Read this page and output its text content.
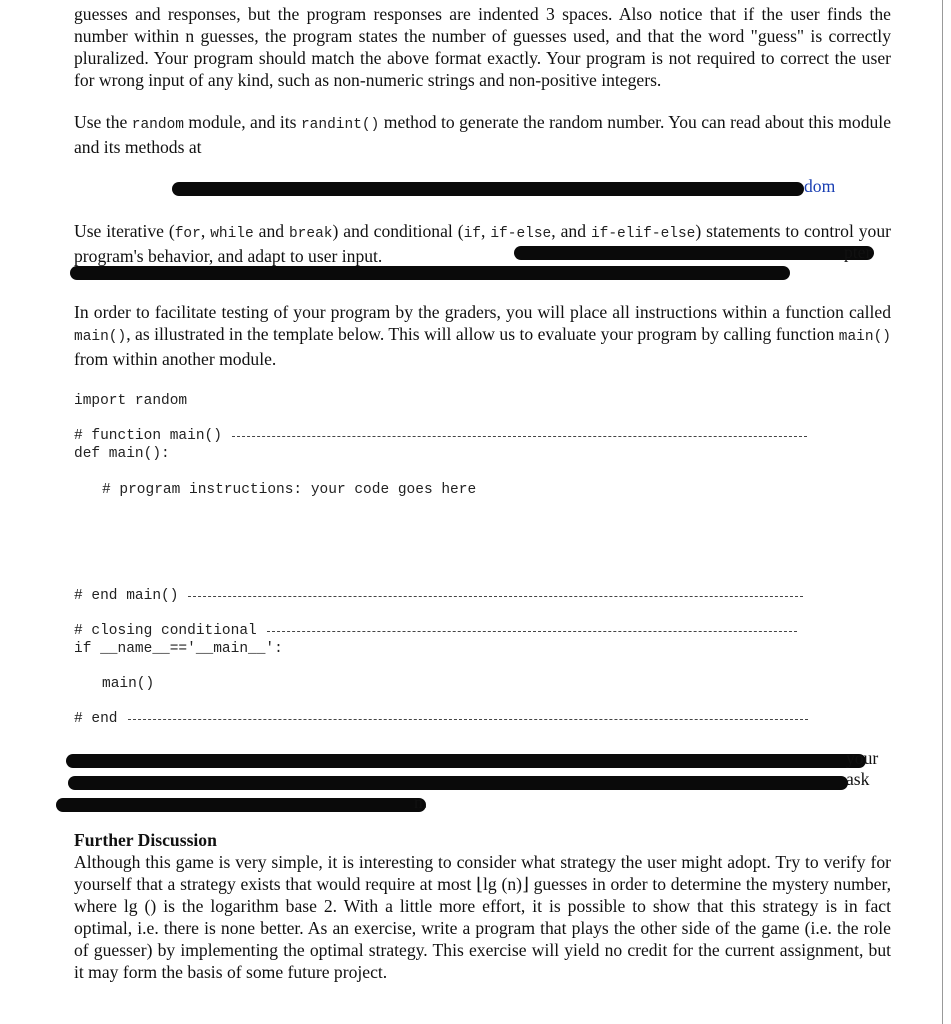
guesses and responses, but the program responses are indented 3 spaces. Also notice that if the user finds the number within n guesses, the program states the number of guesses used, and that the word "guess" is correctly pluralized. Your program should match the above format exactly. Your program is not required to correct the user for wrong input of any kind, such as non-numeric strings and non-positive integers.

Use the random module, and its randint() method to generate the random number. You can read about this module and its methods at

dom

Use iterative (for, while and break) and conditional (if, if-else, and if-elif-else) statements to control your program's behavior, and adapt to user input.	pter

In order to facilitate testing of your program by the graders, you will place all instructions within a function called main(), as illustrated in the template below. This will allow us to evaluate your program by calling function main() from within another module.

import random
# function main()
def main():
# program instructions: your code goes here
# end main()
# closing conditional
if __name__=='__main__':
main()
# end
your
ask
n.
Further Discussion

Although this game is very simple, it is interesting to consider what strategy the user might adopt. Try to verify for yourself that a strategy exists that would require at most ⌊lg (n)⌋ guesses in order to determine the mystery number, where lg () is the logarithm base 2. With a little more effort, it is possible to show that this strategy is in fact optimal, i.e. there is none better. As an exercise, write a program that plays the other side of the game (i.e. the role of guesser) by implementing the optimal strategy. This exercise will yield no credit for the current assignment, but it may form the basis of some future project.
